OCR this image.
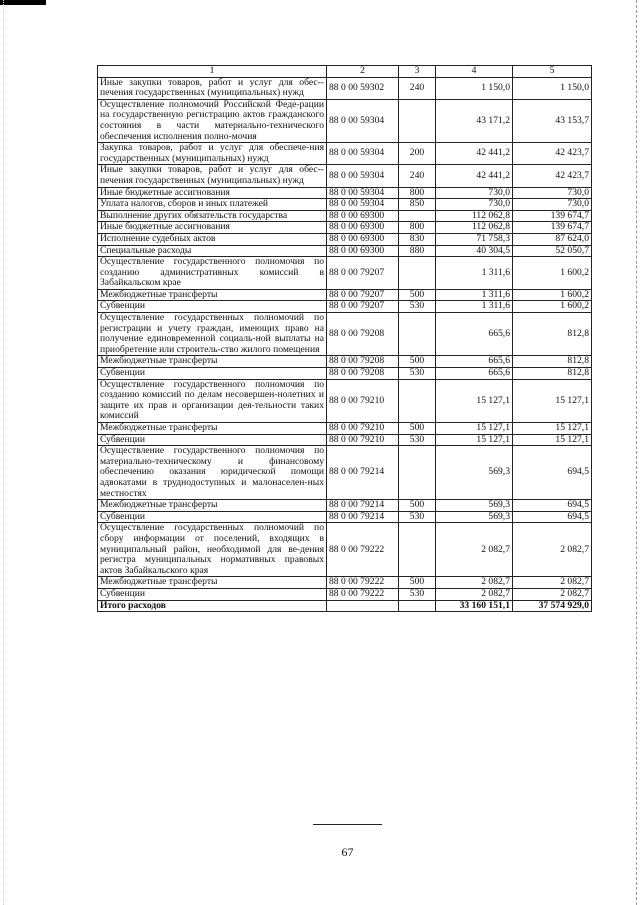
1	2	3	4	5
Иные закупки товаров, работ и услуг для обес-печения государственных (муниципальных) нужд	88 0 00 59302	240	1 150,0	1 150,0
Осуществление полномочий Российской Феде-рации на государственную регистрацию актов гражданского состояния в части материально-технического обеспечения исполнения полно-мочия	88 0 00 59304		43 171,2	43 153,7
Закупка товаров, работ и услуг для обеспече-ния государственных (муниципальных) нужд	88 0 00 59304	200	42 441,2	42 423,7
Иные закупки товаров, работ и услуг для обес-печения государственных (муниципальных) нужд	88 0 00 59304	240	42 441,2	42 423,7
Иные бюджетные ассигнования	88 0 00 59304	800	730,0	730,0
Уплата налогов, сборов и иных платежей	88 0 00 59304	850	730,0	730,0
Выполнение других обязательств государства	88 0 00 69300		112 062,8	139 674,7
Иные бюджетные ассигнования	88 0 00 69300	800	112 062,8	139 674,7
Исполнение судебных актов	88 0 00 69300	830	71 758,3	87 624,0
Специальные расходы	88 0 00 69300	880	40 304,5	52 050,7
Осуществление государственного полномочия по созданию административных комиссий в Забайкальском крае	88 0 00 79207		1 311,6	1 600,2
Межбюджетные трансферты	88 0 00 79207	500	1 311,6	1 600,2
Субвенции	88 0 00 79207	530	1 311,6	1 600,2
Осуществление государственных полномочий по регистрации и учету граждан, имеющих право на получение единовременной социаль-ной выплаты на приобретение или строитель-ство жилого помещения	88 0 00 79208		665,6	812,8
Межбюджетные трансферты	88 0 00 79208	500	665,6	812,8
Субвенции	88 0 00 79208	530	665,6	812,8
Осуществление государственного полномочия по созданию комиссий по делам несовершен-нолетних и защите их прав и организации дея-тельности таких комиссий	88 0 00 79210		15 127,1	15 127,1
Межбюджетные трансферты	88 0 00 79210	500	15 127,1	15 127,1
Субвенции	88 0 00 79210	530	15 127,1	15 127,1
Осуществление государственного полномочия по материально-техническому и финансовому обеспечению оказания юридической помощи адвокатами в труднодоступных и малонаселен-ных местностях	88 0 00 79214		569,3	694,5
Межбюджетные трансферты	88 0 00 79214	500	569,3	694,5
Субвенции	88 0 00 79214	530	569,3	694,5
Осуществление государственных полномочий по сбору информации от поселений, входящих в муниципальный район, необходимой для ве-дения регистра муниципальных нормативных правовых актов Забайкальского края	88 0 00 79222		2 082,7	2 082,7
Межбюджетные трансферты	88 0 00 79222	500	2 082,7	2 082,7
Субвенции	88 0 00 79222	530	2 082,7	2 082,7
Итого расходов			33 160 151,1	37 574 929,0
67
